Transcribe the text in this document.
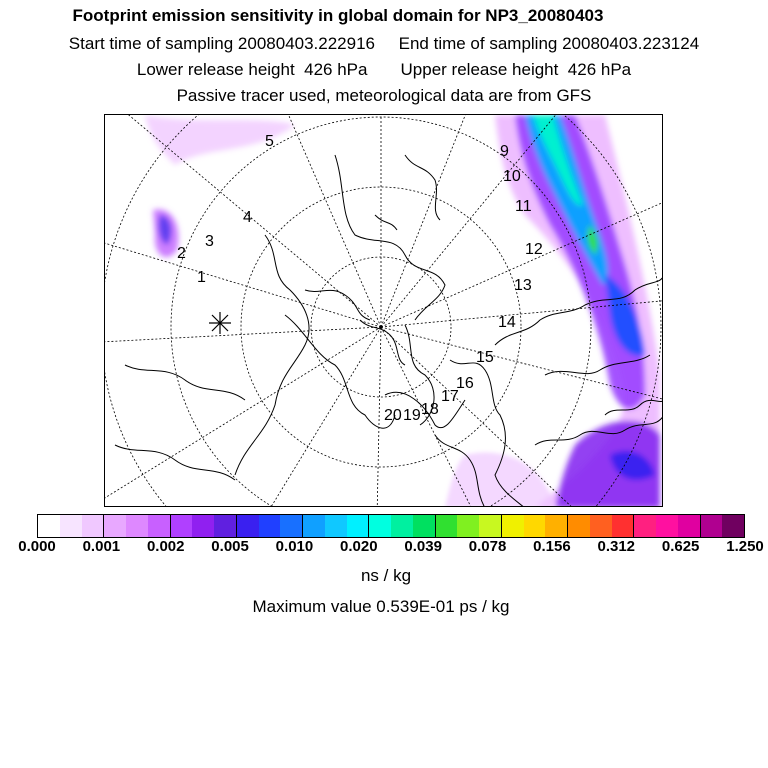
Footprint emission sensitivity in global domain for NP3_20080403
Start time of sampling 20080403.222916     End time of sampling 20080403.223124
Lower release height  426 hPa       Upper release height  426 hPa
Passive tracer used, meteorological data are from GFS
1
2
3
4
5
9
10
11
12
13
14
15
16
17
18
19
20
0.000 0.001 0.002 0.005 0.010 0.020 0.039 0.078 0.156 0.312 0.625 1.250
ns / kg
Maximum value 0.539E-01 ps / kg
